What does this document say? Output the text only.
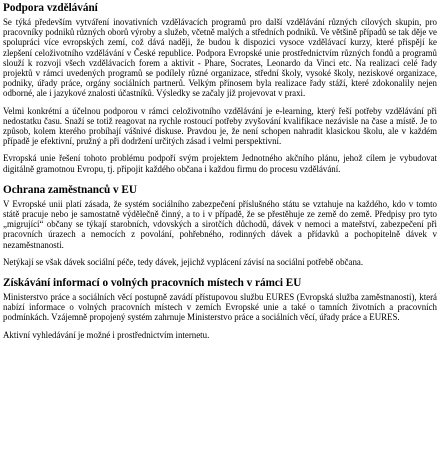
Podpora vzdělávání

Se týká především vytváření inovativních vzdělávacích programů pro další vzdělávání různých cílových skupin, pro pracovníky podniků různých oborů výroby a služeb, včetně malých a středních podniků. Ve většině případů se tak děje ve spolupráci více evropských zemí, což dává naději, že budou k dispozici vysoce vzdělávací kurzy, které přispějí ke zlepšení celoživotního vzdělávání v České republice. Podpora Evropské unie prostřednictvím různých fondů a programů slouží k rozvoji všech vzdělávacích forem a aktivit - Phare, Socrates, Leonardo da Vinci etc. Na realizaci celé řady projektů v rámci uvedených programů se podílely různé organizace, střední školy, vysoké školy, neziskové organizace, podniky, úřady práce, orgány sociálních partnerů. Velkým přínosem byla realizace řady stáží, které zdokonalily nejen odborné, ale i jazykové znalosti účastníků. Výsledky se začaly již projevovat v praxi.

Velmi konkrétní a účelnou podporou v rámci celoživotního vzdělávání je e-learning, který řeší potřeby vzdělávání při nedostatku času. Snaží se totiž reagovat na rychle rostoucí potřeby zvyšování kvalifikace nezávisle na čase a místě. Je to způsob, kolem kterého probíhají vášnivé diskuse. Pravdou je, že není schopen nahradit klasickou školu, ale v každém případě je efektivní, pružný a při dodržení určitých zásad i velmi perspektivní.

Evropská unie řešení tohoto problému podpoří svým projektem Jednotného akčního plánu, jehož cílem je vybudovat digitálně gramotnou Evropu, tj. připojit každého občana i každou firmu do procesu vzdělávání.

Ochrana zaměstnanců v EU

V Evropské unii platí zásada, že systém sociálního zabezpečení příslušného státu se vztahuje na každého, kdo v tomto státě pracuje nebo je samostatně výdělečně činný, a to i v případě, že se přestěhuje ze země do země. Předpisy pro tyto „migrující“ občany se týkají starobních, vdovských a sirotčích důchodů, dávek v nemoci a mateřství, zabezpečení při pracovních úrazech a nemocích z povolání, pohřebného, rodinných dávek a přídavků a pochopitelně dávek v nezaměstnanosti.

Netýkají se však dávek sociální péče, tedy dávek, jejichž vyplácení závisí na sociální potřebě občana.

Získávání informací o volných pracovních místech v rámci EU

Ministerstvo práce a sociálních věcí postupně zavádí přístupovou službu EURES (Evropská služba zaměstnanosti), která nabízí informace o volných pracovních místech v zemích Evropské unie a také o tamních životních a pracovních podmínkách. Vzájemně propojený systém zahrnuje Ministerstvo práce a sociálních věcí, úřady práce a EURES.

Aktivní vyhledávání je možné i prostřednictvím internetu.
